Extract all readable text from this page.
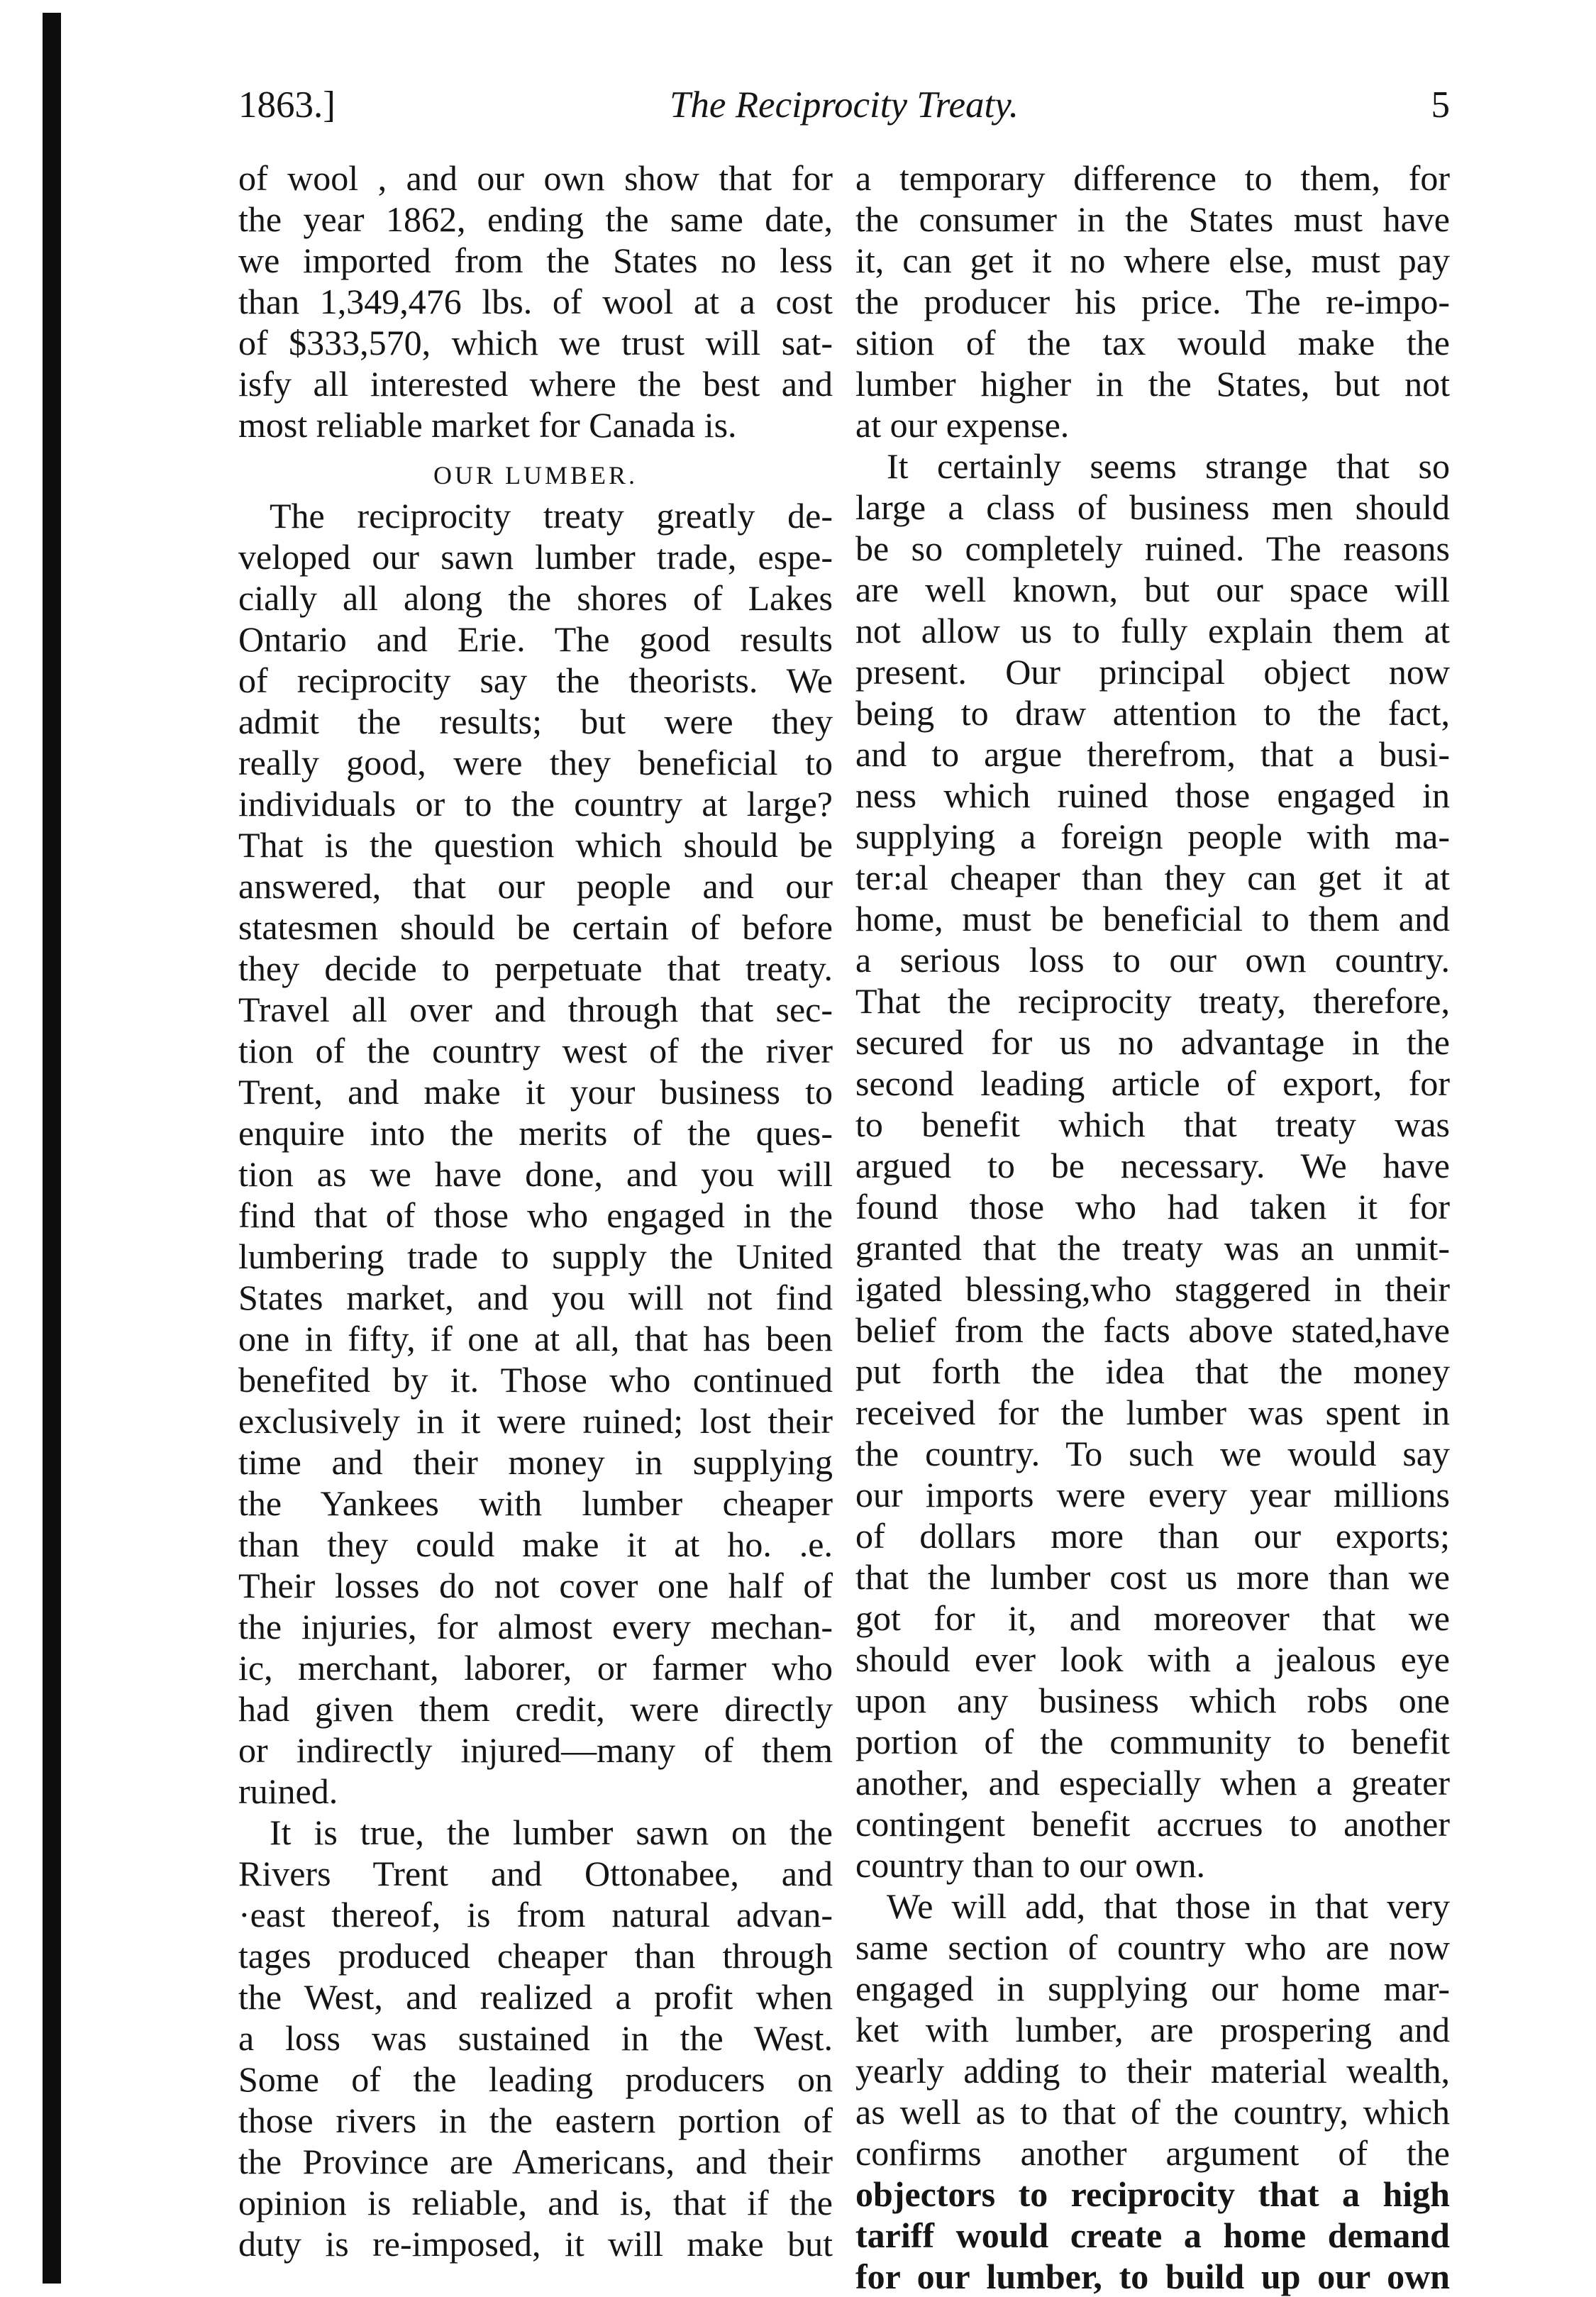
1863.]	The Reciprocity Treaty.	5
of wool , and our own show that for
the year 1862, ending the same date,
we imported from the States no less
than 1,349,476 lbs. of wool at a cost
of $333,570, which we trust will sat-
isfy all interested where the best and
most reliable market for Canada is.
OUR LUMBER.
The reciprocity treaty greatly de-
veloped our sawn lumber trade, espe-
cially all along the shores of Lakes
Ontario and Erie. The good results
of reciprocity say the theorists. We
admit the results; but were they
really good, were they beneficial to
individuals or to the country at large?
That is the question which should be
answered, that our people and our
statesmen should be certain of before
they decide to perpetuate that treaty.
Travel all over and through that sec-
tion of the country west of the river
Trent, and make it your business to
enquire into the merits of the ques-
tion as we have done, and you will
find that of those who engaged in the
lumbering trade to supply the United
States market, and you will not find
one in fifty, if one at all, that has been
benefited by it. Those who continued
exclusively in it were ruined; lost their
time and their money in supplying
the Yankees with lumber cheaper
than they could make it at ho. .e.
Their losses do not cover one half of
the injuries, for almost every mechan-
ic, merchant, laborer, or farmer who
had given them credit, were directly
or indirectly injured—many of them
ruined.
It is true, the lumber sawn on the
Rivers Trent and Ottonabee, and
·east thereof, is from natural advan-
tages produced cheaper than through
the West, and realized a profit when
a loss was sustained in the West.
Some of the leading producers on
those rivers in the eastern portion of
the Province are Americans, and their
opinion is reliable, and is, that if the
duty is re-imposed, it will make but
a temporary difference to them, for
the consumer in the States must have
it, can get it no where else, must pay
the producer his price. The re-impo-
sition of the tax would make the
lumber higher in the States, but not
at our expense.
It certainly seems strange that so
large a class of business men should
be so completely ruined. The reasons
are well known, but our space will
not allow us to fully explain them at
present. Our principal object now
being to draw attention to the fact,
and to argue therefrom, that a busi-
ness which ruined those engaged in
supplying a foreign people with ma-
ter:al cheaper than they can get it at
home, must be beneficial to them and
a serious loss to our own country.
That the reciprocity treaty, therefore,
secured for us no advantage in the
second leading article of export, for
to benefit which that treaty was
argued to be necessary. We have
found those who had taken it for
granted that the treaty was an unmit-
igated blessing,who staggered in their
belief from the facts above stated,have
put forth the idea that the money
received for the lumber was spent in
the country. To such we would say
our imports were every year millions
of dollars more than our exports;
that the lumber cost us more than we
got for it, and moreover that we
should ever look with a jealous eye
upon any business which robs one
portion of the community to benefit
another, and especially when a greater
contingent benefit accrues to another
country than to our own.
We will add, that those in that very
same section of country who are now
engaged in supplying our home mar-
ket with lumber, are prospering and
yearly adding to their material wealth,
as well as to that of the country, which
confirms another argument of the
objectors to reciprocity that a high
tariff would create a home demand
for our lumber, to build up our own
